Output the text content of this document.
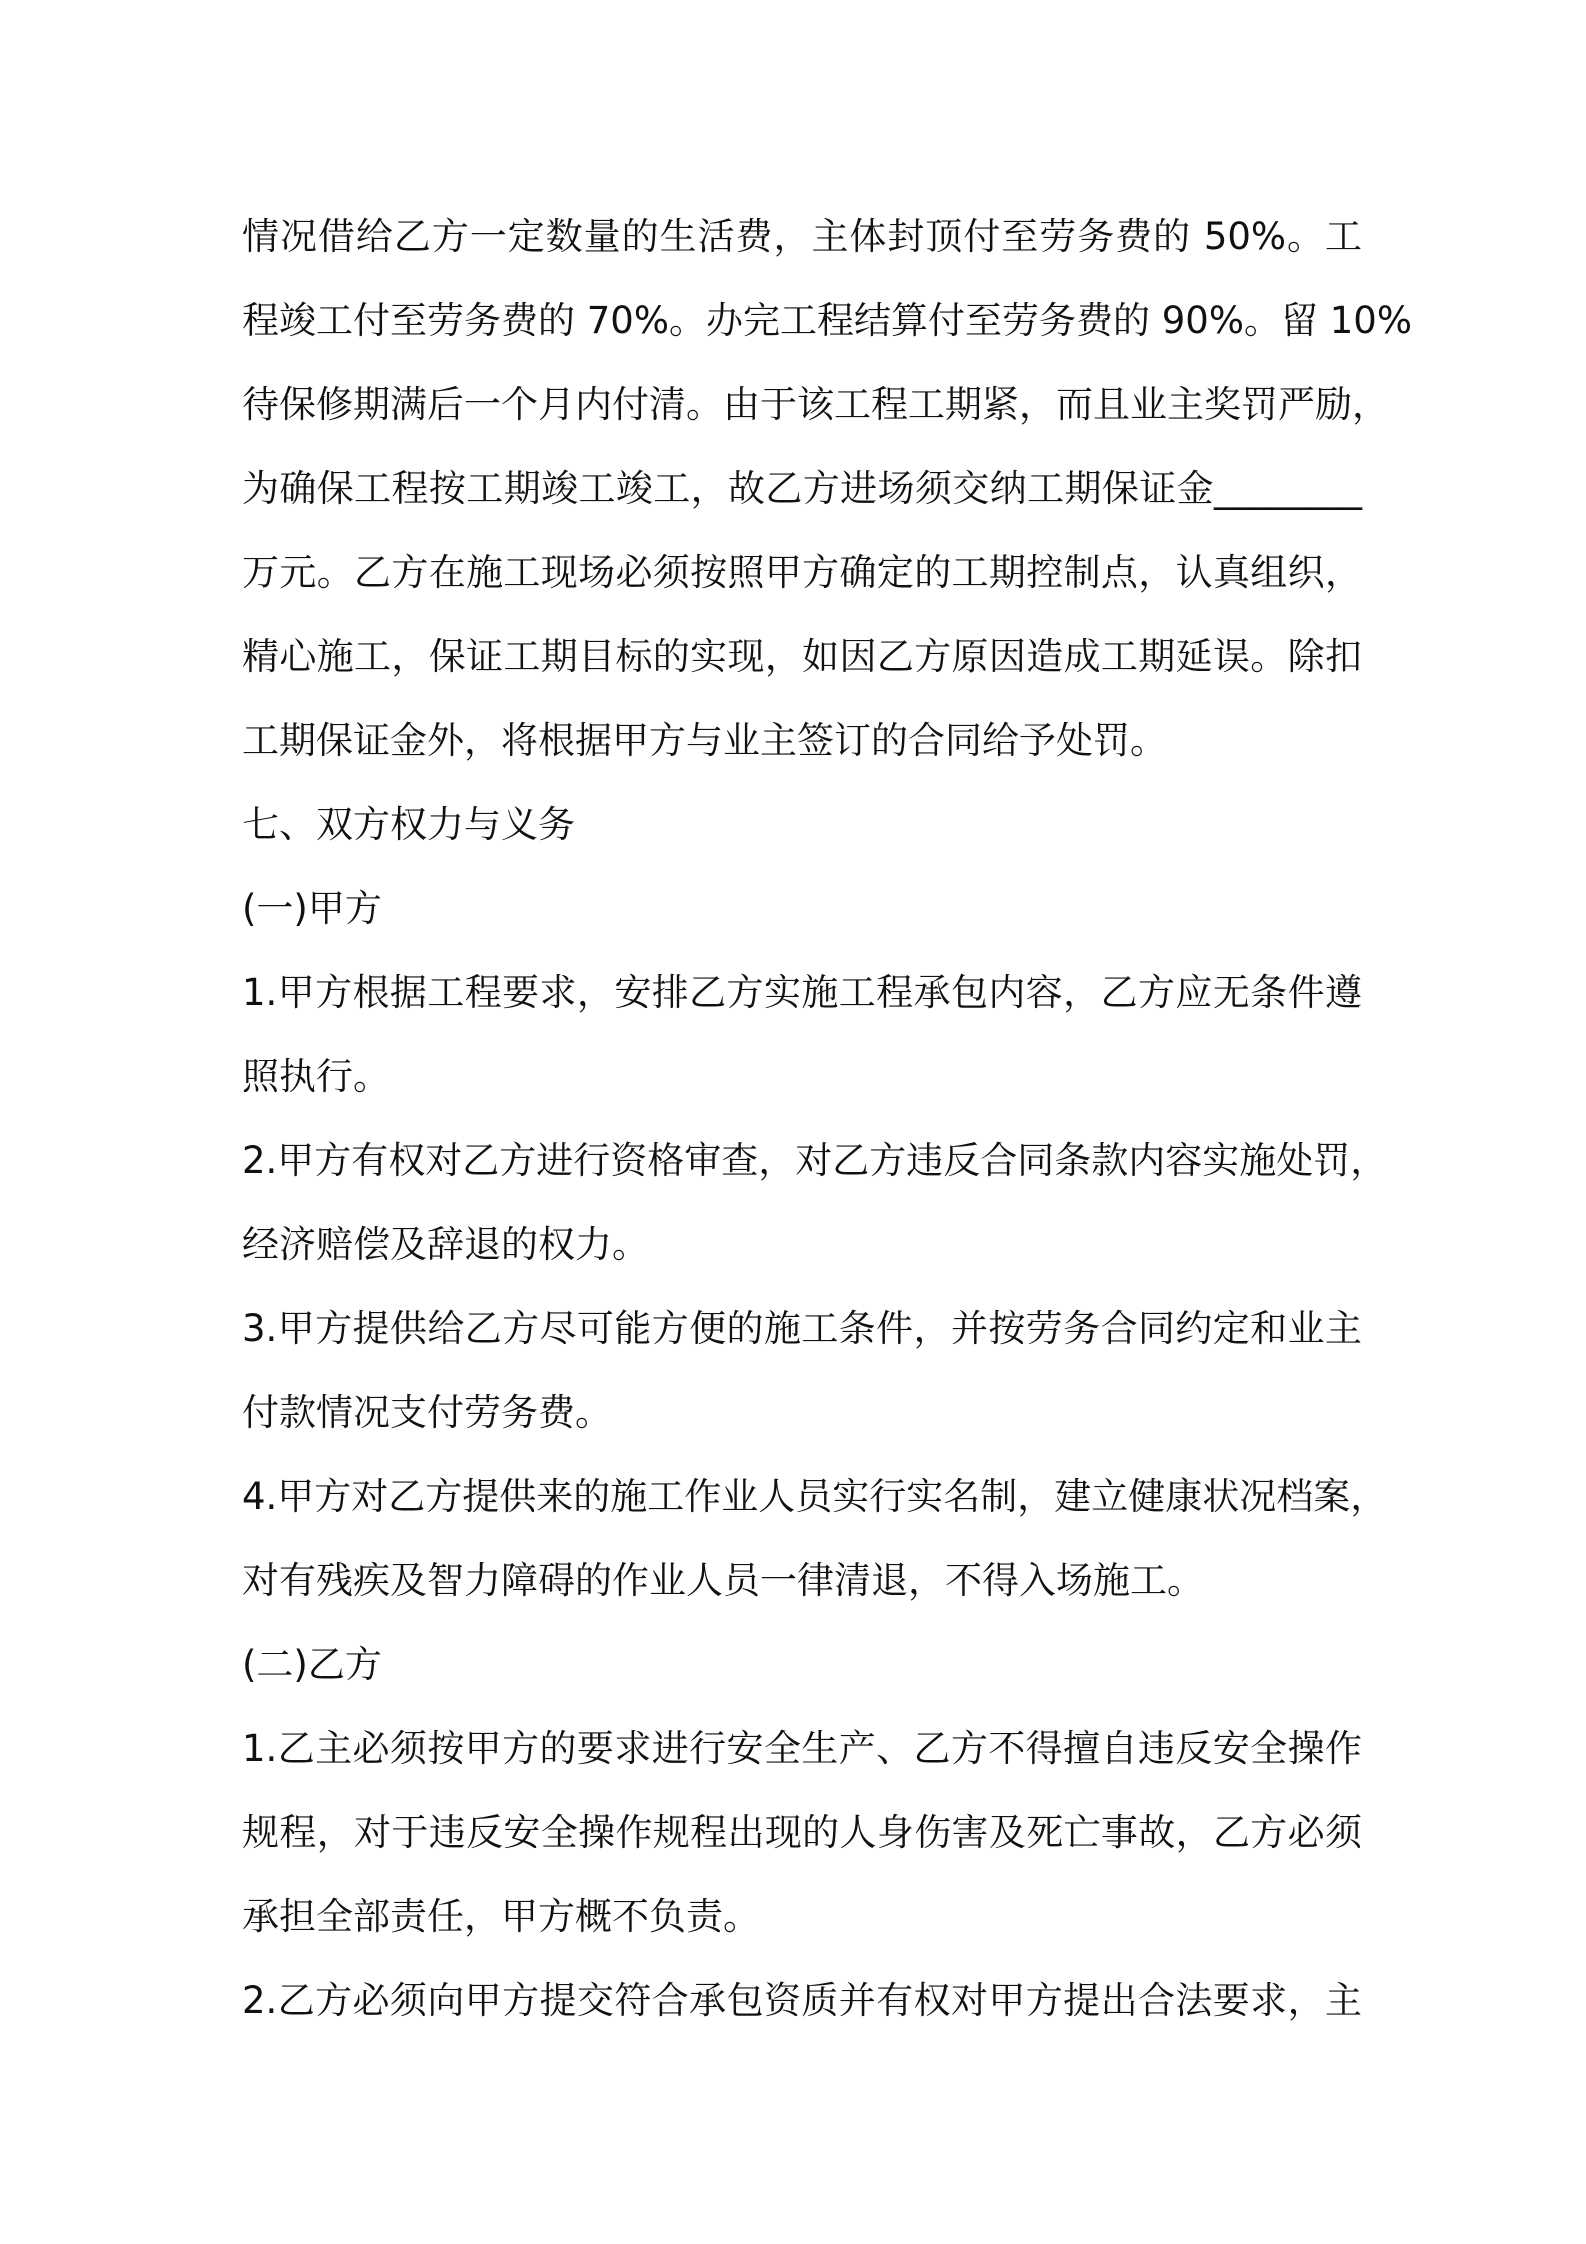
情况借给乙方一定数量的生活费，主体封顶付至劳务费的 50%。工
程竣工付至劳务费的 70%。办完工程结算付至劳务费的 90%。留 10%
待保修期满后一个月内付清。由于该工程工期紧，而且业主奖罚严励，
为确保工程按工期竣工竣工，故乙方进场须交纳工期保证金________
万元。乙方在施工现场必须按照甲方确定的工期控制点，认真组织，
精心施工，保证工期目标的实现，如因乙方原因造成工期延误。除扣
工期保证金外，将根据甲方与业主签订的合同给予处罚。
七、双方权力与义务
(一)甲方
1.甲方根据工程要求，安排乙方实施工程承包内容，乙方应无条件遵
照执行。
2.甲方有权对乙方进行资格审查，对乙方违反合同条款内容实施处罚，
经济赔偿及辞退的权力。
3.甲方提供给乙方尽可能方便的施工条件，并按劳务合同约定和业主
付款情况支付劳务费。
4.甲方对乙方提供来的施工作业人员实行实名制，建立健康状况档案，
对有残疾及智力障碍的作业人员一律清退，不得入场施工。
(二)乙方
1.乙主必须按甲方的要求进行安全生产、乙方不得擅自违反安全操作
规程，对于违反安全操作规程出现的人身伤害及死亡事故，乙方必须
承担全部责任，甲方概不负责。
2.乙方必须向甲方提交符合承包资质并有权对甲方提出合法要求，主
